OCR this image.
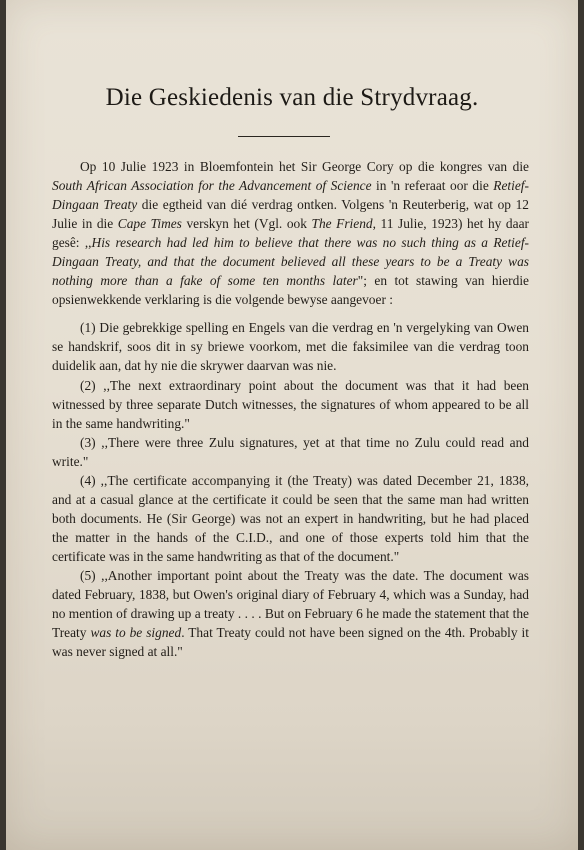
Die Geskiedenis van die Strydvraag.

Op 10 Julie 1923 in Bloemfontein het Sir George Cory op die kongres van die South African Association for the Advancement of Science in 'n referaat oor die Retief-Dingaan Treaty die egtheid van dié verdrag ontken. Volgens 'n Reuterberig, wat op 12 Julie in die Cape Times verskyn het (Vgl. ook The Friend, 11 Julie, 1923) het hy daar gesê: ,,His research had led him to believe that there was no such thing as a Retief-Dingaan Treaty, and that the document believed all these years to be a Treaty was nothing more than a fake of some ten months later"; en tot stawing van hierdie opsienwekkende verklaring is die volgende bewyse aangevoer :

(1) Die gebrekkige spelling en Engels van die verdrag en 'n vergelyking van Owen se handskrif, soos dit in sy briewe voorkom, met die faksimilee van die verdrag toon duidelik aan, dat hy nie die skrywer daarvan was nie.

(2) ,,The next extraordinary point about the document was that it had been witnessed by three separate Dutch witnesses, the signatures of whom appeared to be all in the same handwriting."

(3) ,,There were three Zulu signatures, yet at that time no Zulu could read and write."

(4) ,,The certificate accompanying it (the Treaty) was dated December 21, 1838, and at a casual glance at the certificate it could be seen that the same man had written both documents. He (Sir George) was not an expert in handwriting, but he had placed the matter in the hands of the C.I.D., and one of those experts told him that the certificate was in the same handwriting as that of the document."

(5) ,,Another important point about the Treaty was the date. The document was dated February, 1838, but Owen's original diary of February 4, which was a Sunday, had no mention of drawing up a treaty . . . . But on February 6 he made the statement that the Treaty was to be signed. That Treaty could not have been signed on the 4th. Probably it was never signed at all."
